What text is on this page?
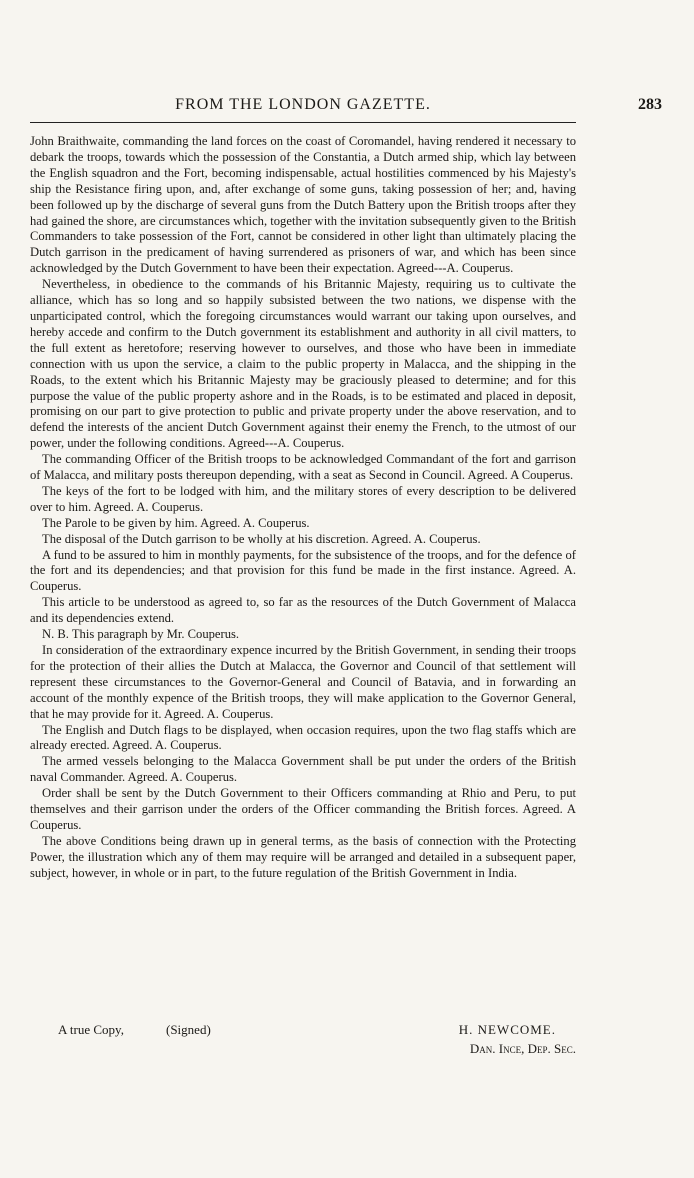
FROM THE LONDON GAZETTE.	283

John Braithwaite, commanding the land forces on the coast of Coromandel, having rendered it necessary to debark the troops, towards which the possession of the Constantia, a Dutch armed ship, which lay between the English squadron and the Fort, becoming indispensable, actual hostilities commenced by his Majesty's ship the Resistance firing upon, and, after exchange of some guns, taking possession of her; and, having been followed up by the discharge of several guns from the Dutch Battery upon the British troops after they had gained the shore, are circumstances which, together with the invitation subsequently given to the British Commanders to take possession of the Fort, cannot be considered in other light than ultimately placing the Dutch garrison in the predicament of having surrendered as prisoners of war, and which has been since acknowledged by the Dutch Government to have been their expectation. Agreed---A. Couperus.

Nevertheless, in obedience to the commands of his Britannic Majesty, requiring us to cultivate the alliance, which has so long and so happily subsisted between the two nations, we dispense with the unparticipated control, which the foregoing circumstances would warrant our taking upon ourselves, and hereby accede and confirm to the Dutch government its establishment and authority in all civil matters, to the full extent as heretofore; reserving however to ourselves, and those who have been in immediate connection with us upon the service, a claim to the public property in Malacca, and the shipping in the Roads, to the extent which his Britannic Majesty may be graciously pleased to determine; and for this purpose the value of the public property ashore and in the Roads, is to be estimated and placed in deposit, promising on our part to give protection to public and private property under the above reservation, and to defend the interests of the ancient Dutch Government against their enemy the French, to the utmost of our power, under the following conditions. Agreed---A. Couperus.

The commanding Officer of the British troops to be acknowledged Commandant of the fort and garrison of Malacca, and military posts thereupon depending, with a seat as Second in Council. Agreed. A Couperus.

The keys of the fort to be lodged with him, and the military stores of every description to be delivered over to him. Agreed. A. Couperus.

The Parole to be given by him. Agreed. A. Couperus.

The disposal of the Dutch garrison to be wholly at his discretion. Agreed. A. Couperus.

A fund to be assured to him in monthly payments, for the subsistence of the troops, and for the defence of the fort and its dependencies; and that provision for this fund be made in the first instance. Agreed. A. Couperus.

This article to be understood as agreed to, so far as the resources of the Dutch Government of Malacca and its dependencies extend.

N. B. This paragraph by Mr. Couperus.

In consideration of the extraordinary expence incurred by the British Government, in sending their troops for the protection of their allies the Dutch at Malacca, the Governor and Council of that settlement will represent these circumstances to the Governor-General and Council of Batavia, and in forwarding an account of the monthly expence of the British troops, they will make application to the Governor General, that he may provide for it. Agreed. A. Couperus.

The English and Dutch flags to be displayed, when occasion requires, upon the two flag staffs which are already erected. Agreed. A. Couperus.

The armed vessels belonging to the Malacca Government shall be put under the orders of the British naval Commander. Agreed. A. Couperus.

Order shall be sent by the Dutch Government to their Officers commanding at Rhio and Peru, to put themselves and their garrison under the orders of the Officer commanding the British forces. Agreed. A Couperus.

The above Conditions being drawn up in general terms, as the basis of connection with the Protecting Power, the illustration which any of them may require will be arranged and detailed in a subsequent paper, subject, however, in whole or in part, to the future regulation of the British Government in India.

A true Copy,	(Signed)	H. NEWCOME.
Dan. Ince, Dep. Sec.
